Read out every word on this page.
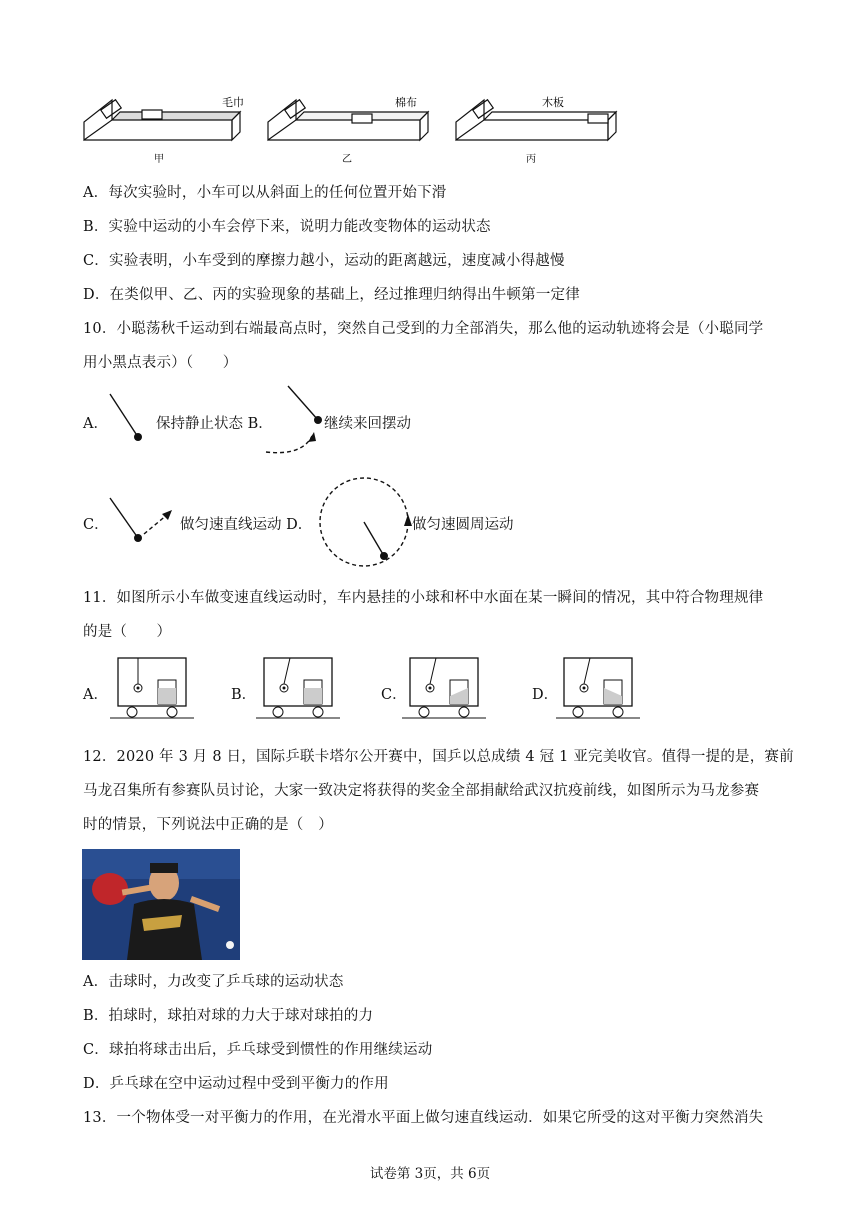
毛巾
甲
棉布
乙
木板
丙
A．每次实验时，小车可以从斜面上的任何位置开始下滑
B．实验中运动的小车会停下来，说明力能改变物体的运动状态
C．实验表明，小车受到的摩擦力越小，运动的距离越远，速度减小得越慢
D．在类似甲、乙、丙的实验现象的基础上，经过推理归纳得出牛顿第一定律
10．小聪荡秋千运动到右端最高点时，突然自己受到的力全部消失，那么他的运动轨迹将会是（小聪同学
用小黑点表示）（　　）
A．	保持静止状态 B．	继续来回摆动
C．	做匀速直线运动 D．	做匀速圆周运动
11．如图所示小车做变速直线运动时，车内悬挂的小球和杯中水面在某一瞬间的情况，其中符合物理规律
的是（　　）
A．	B．	C．	D．
12．2020 年 3 月 8 日，国际乒联卡塔尔公开赛中，国乒以总成绩 4 冠 1 亚完美收官。值得一提的是，赛前
马龙召集所有参赛队员讨论，大家一致决定将获得的奖金全部捐献给武汉抗疫前线，如图所示为马龙参赛
时的情景，下列说法中正确的是（　）
A．击球时，力改变了乒乓球的运动状态
B．拍球时，球拍对球的力大于球对球拍的力
C．球拍将球击出后，乒乓球受到惯性的作用继续运动
D．乒乓球在空中运动过程中受到平衡力的作用
13．一个物体受一对平衡力的作用，在光滑水平面上做匀速直线运动．如果它所受的这对平衡力突然消失
试卷第 3页，共 6页
